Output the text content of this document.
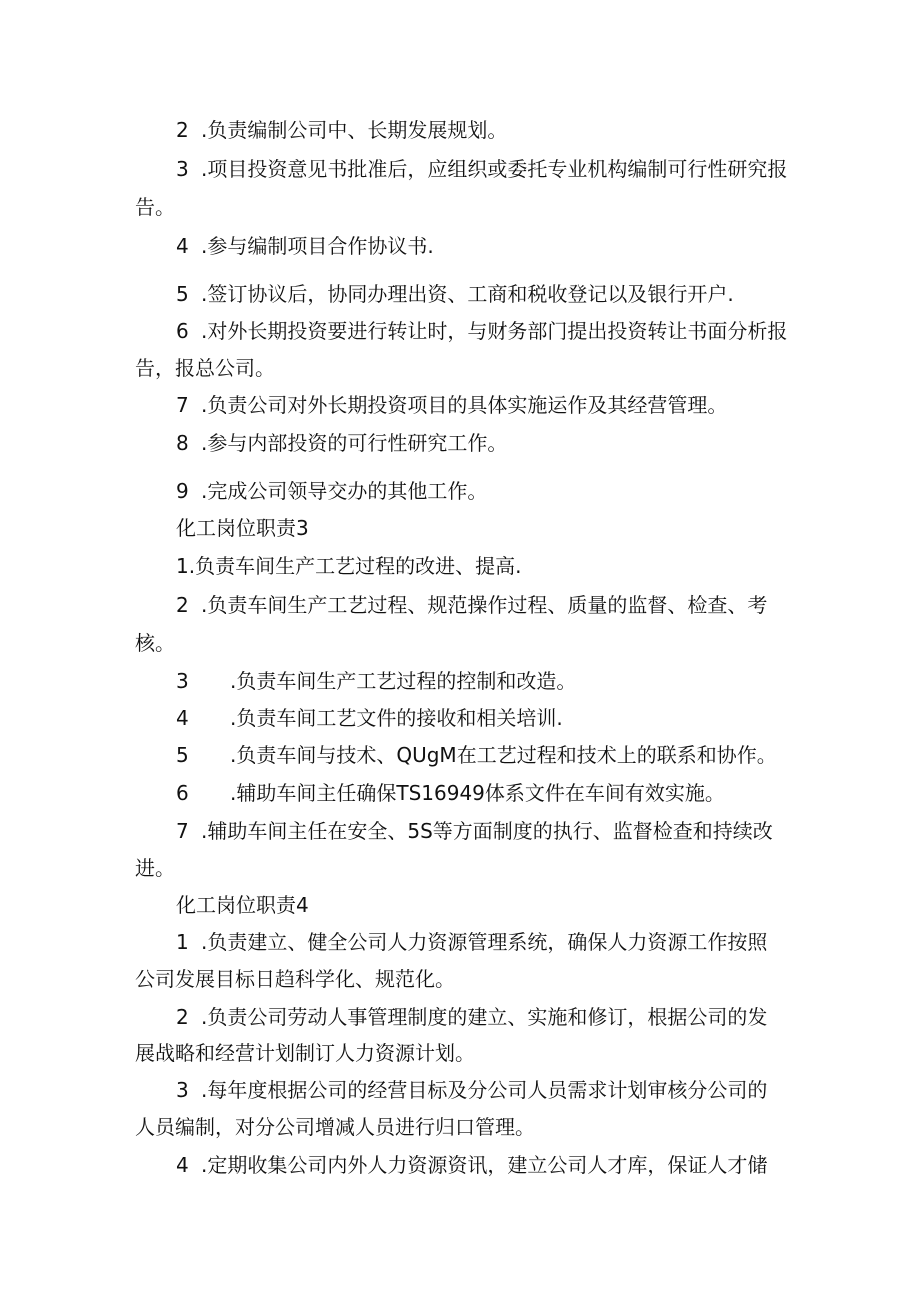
2 .负责编制公司中、长期发展规划。
3 .项目投资意见书批准后，应组织或委托专业机构编制可行性研究报
告。
4 .参与编制项目合作协议书.
5 .签订协议后，协同办理出资、工商和税收登记以及银行开户.
6 .对外长期投资要进行转让时，与财务部门提出投资转让书面分析报
告，报总公司。
7 .负责公司对外长期投资项目的具体实施运作及其经营管理。
8 .参与内部投资的可行性研究工作。
9 .完成公司领导交办的其他工作。
化工岗位职责3
1.负责车间生产工艺过程的改进、提高.
2 .负责车间生产工艺过程、规范操作过程、质量的监督、检查、考
核。
3 .负责车间生产工艺过程的控制和改造。
4 .负责车间工艺文件的接收和相关培训.
5 .负责车间与技术、QUgM在工艺过程和技术上的联系和协作。
6 .辅助车间主任确保TS16949体系文件在车间有效实施。
7 .辅助车间主任在安全、5S等方面制度的执行、监督检查和持续改
进。
化工岗位职责4
1 .负责建立、健全公司人力资源管理系统，确保人力资源工作按照
公司发展目标日趋科学化、规范化。
2 .负责公司劳动人事管理制度的建立、实施和修订，根据公司的发
展战略和经营计划制订人力资源计划。
3 .每年度根据公司的经营目标及分公司人员需求计划审核分公司的
人员编制，对分公司增减人员进行归口管理。
4 .定期收集公司内外人力资源资讯，建立公司人才库，保证人才储
